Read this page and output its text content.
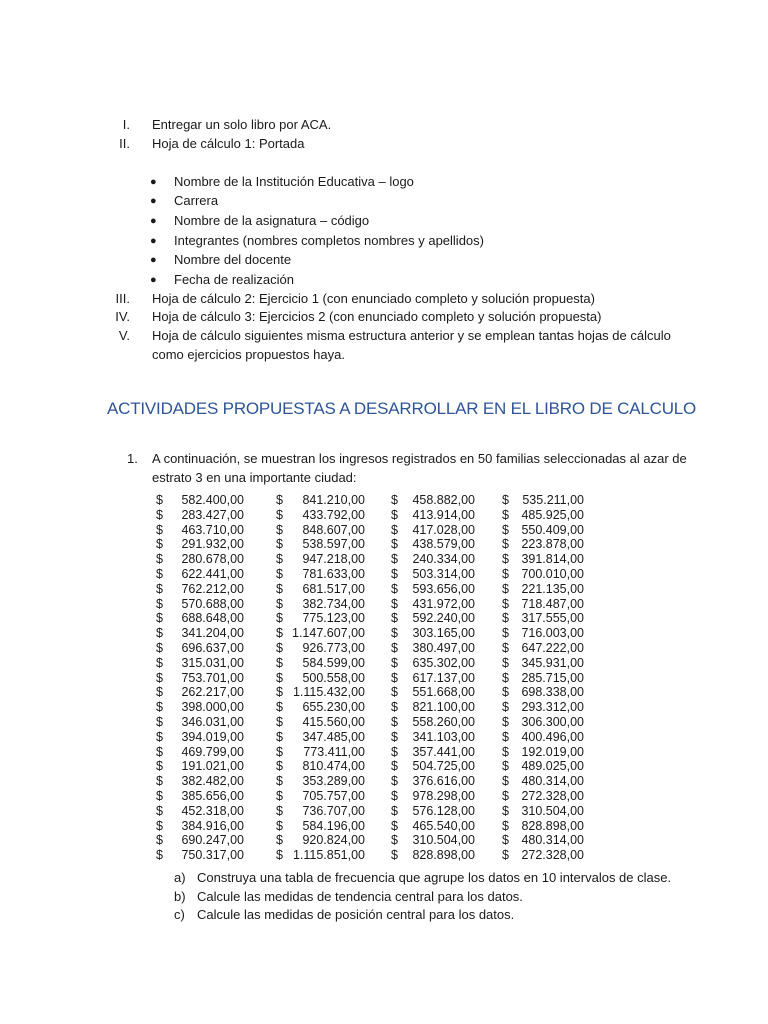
I. Entregar un solo libro por ACA.
II. Hoja de cálculo 1: Portada
● Nombre de la Institución Educativa – logo
● Carrera
● Nombre de la asignatura – código
● Integrantes (nombres completos nombres y apellidos)
● Nombre del docente
● Fecha de realización
III. Hoja de cálculo 2: Ejercicio 1 (con enunciado completo y solución propuesta)
IV. Hoja de cálculo 3: Ejercicios 2 (con enunciado completo y solución propuesta)
V. Hoja de cálculo siguientes misma estructura anterior y se emplean tantas hojas de cálculo
como ejercicios propuestos haya.
ACTIVIDADES PROPUESTAS A DESARROLLAR EN EL LIBRO DE CALCULO
1. A continuación, se muestran los ingresos registrados en 50 familias seleccionadas al azar de
estrato 3 en una importante ciudad:
$	582.400,00	$	841.210,00 $	458.882,00 $	535.211,00
$	283.427,00	$	433.792,00 $	413.914,00 $ 485.925,00
$	463.710,00	$	848.607,00 $	417.028,00 $ 550.409,00
$	291.932,00	$	538.597,00 $	438.579,00 $ 223.878,00
$	280.678,00	$	947.218,00 $	240.334,00 $ 391.814,00
$	622.441,00	$	781.633,00 $	503.314,00 $ 700.010,00
$	762.212,00	$	681.517,00 $	593.656,00 $ 221.135,00
$	570.688,00	$	382.734,00 $	431.972,00 $ 718.487,00
$	688.648,00	$	775.123,00 $	592.240,00 $ 317.555,00
$	341.204,00	$ 1.147.607,00 $	303.165,00 $ 716.003,00
$	696.637,00	$	926.773,00 $	380.497,00 $ 647.222,00
$	315.031,00	$	584.599,00 $	635.302,00 $ 345.931,00
$	753.701,00	$	500.558,00 $	617.137,00 $ 285.715,00
$	262.217,00	$ 1.115.432,00 $	551.668,00 $ 698.338,00
$	398.000,00	$	655.230,00 $	821.100,00 $ 293.312,00
$	346.031,00	$	415.560,00 $	558.260,00 $ 306.300,00
$	394.019,00	$	347.485,00 $	341.103,00 $ 400.496,00
$	469.799,00	$	773.411,00 $	357.441,00 $ 192.019,00
$	191.021,00	$	810.474,00 $	504.725,00 $ 489.025,00
$	382.482,00	$	353.289,00 $	376.616,00 $ 480.314,00
$	385.656,00	$	705.757,00 $	978.298,00 $ 272.328,00
$	452.318,00	$	736.707,00 $	576.128,00 $ 310.504,00
$	384.916,00	$	584.196,00 $	465.540,00 $ 828.898,00
$	690.247,00	$	920.824,00 $	310.504,00 $ 480.314,00
$	750.317,00	$ 1.115.851,00 $	828.898,00 $ 272.328,00
a) Construya una tabla de frecuencia que agrupe los datos en 10 intervalos de clase.
b) Calcule las medidas de tendencia central para los datos.
c) Calcule las medidas de posición central para los datos.
